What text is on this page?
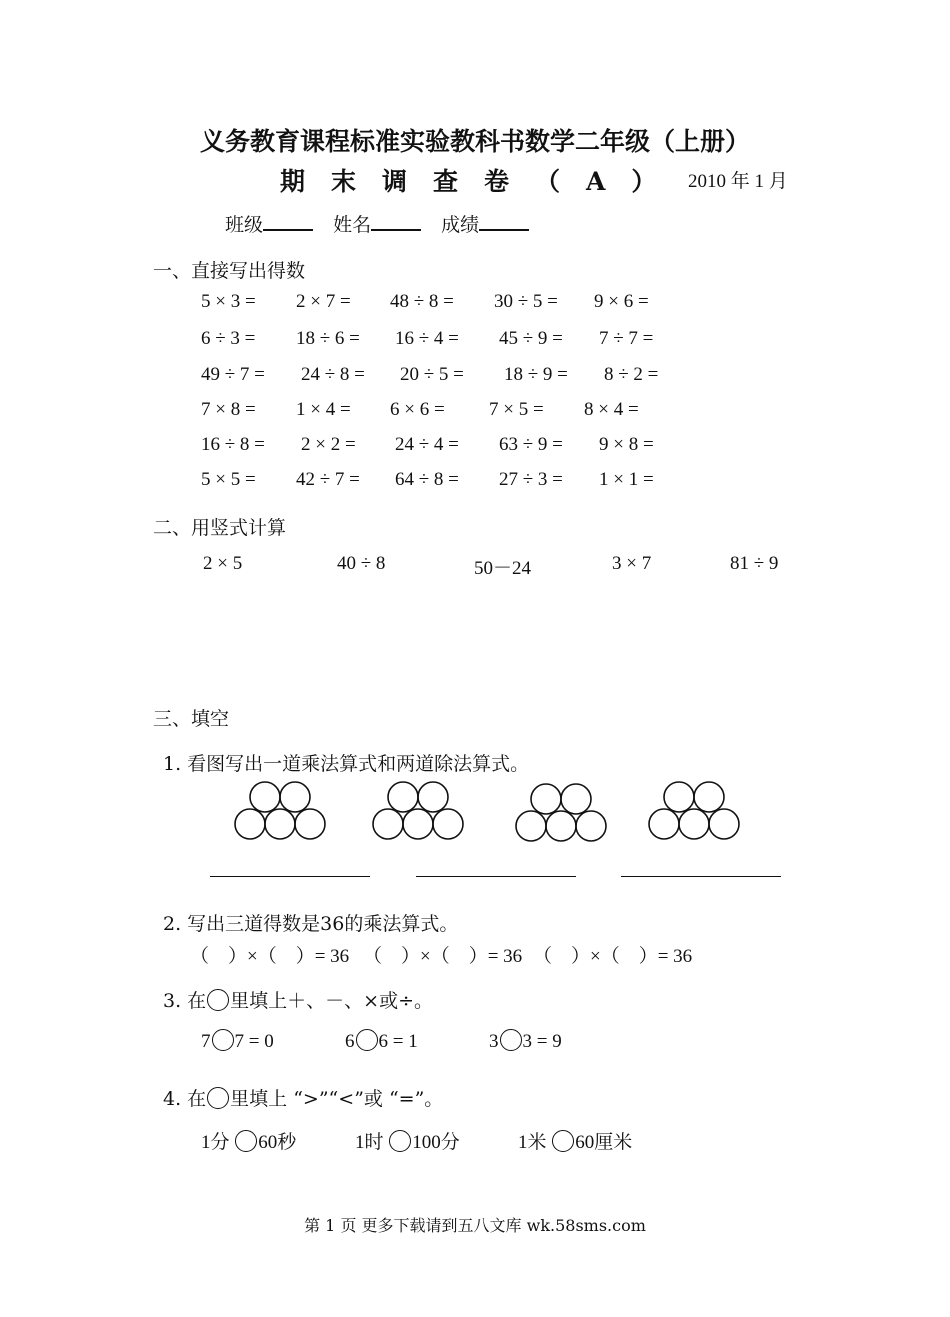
义务教育课程标准实验教科书数学二年级（上册）
期末调查卷（A） 2010 年 1 月
班级	姓名	成绩
一、直接写出得数
5 × 3 = 2 × 7 = 48 ÷ 8 = 30 ÷ 5 = 9 × 6 =
6 ÷ 3 = 18 ÷ 6 = 16 ÷ 4 = 45 ÷ 9 = 7 ÷ 7 =
49 ÷ 7 = 24 ÷ 8 = 20 ÷ 5 = 18 ÷ 9 = 8 ÷ 2 =
7 × 8 = 1 × 4 = 6 × 6 = 7 × 5 = 8 × 4 =
16 ÷ 8 = 2 × 2 = 24 ÷ 4 = 63 ÷ 9 = 9 × 8 =
5 × 5 = 42 ÷ 7 = 64 ÷ 8 = 27 ÷ 3 = 1 × 1 =
二、用竖式计算
2 × 5	40 ÷ 8	50－24	3 × 7	81 ÷ 9
三、填空
1. 看图写出一道乘法算式和两道除法算式。
2. 写出三道得数是36的乘法算式。
（　）×（　）= 36 （　）×（　）= 36 （　）×（　）= 36
3. 在 里填上＋、－、×或÷。
7 7 = 0	6 6 = 1	3 3 = 9
4. 在 里填上 “>”“<”或 “=”。
1分 60秒	1时 100分	1米 60厘米
第 1 页 更多下载请到五八文库 wk.58sms.com
